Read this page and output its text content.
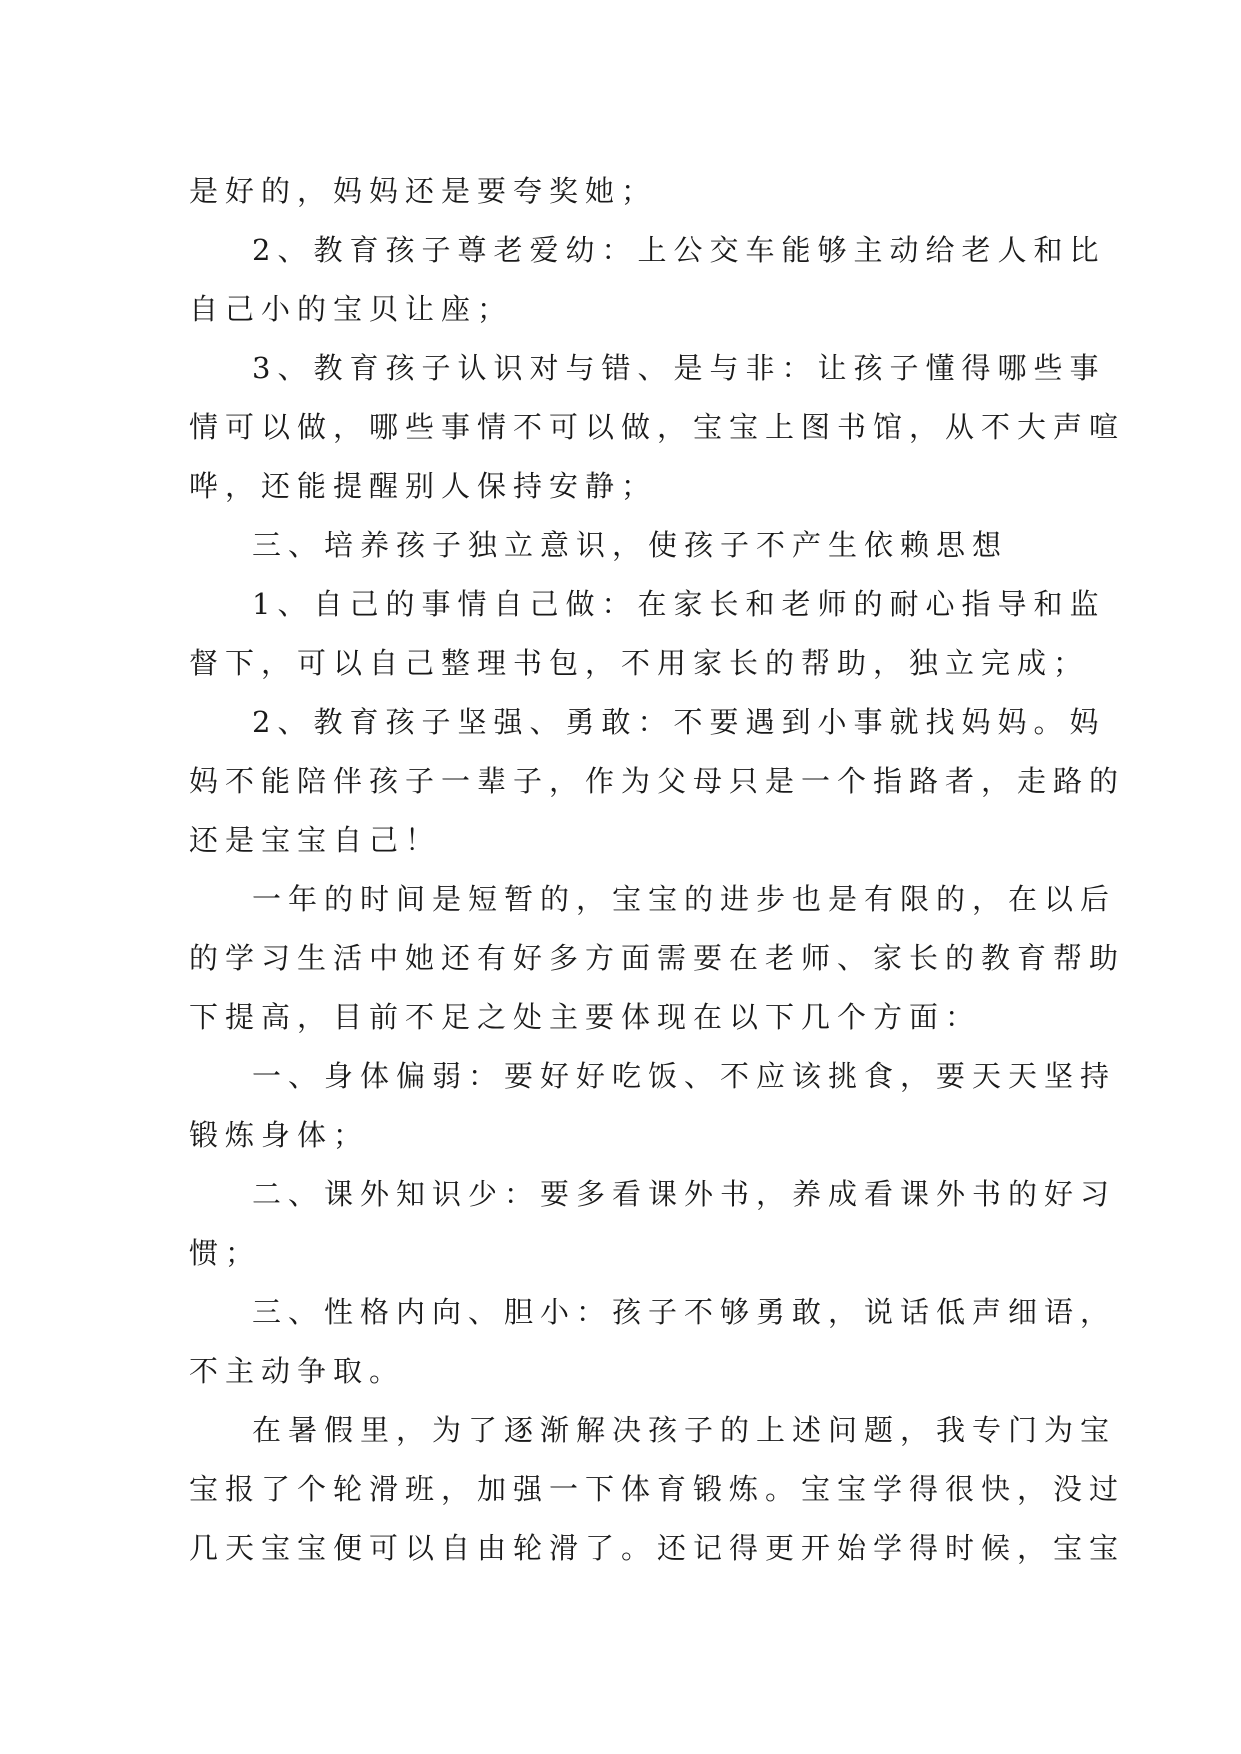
是好的，妈妈还是要夸奖她；
2、教育孩子尊老爱幼：上公交车能够主动给老人和比
自己小的宝贝让座；
3、教育孩子认识对与错、是与非：让孩子懂得哪些事
情可以做，哪些事情不可以做，宝宝上图书馆，从不大声喧
哗，还能提醒别人保持安静；
三、培养孩子独立意识，使孩子不产生依赖思想
1、自己的事情自己做：在家长和老师的耐心指导和监
督下，可以自己整理书包，不用家长的帮助，独立完成；
2、教育孩子坚强、勇敢：不要遇到小事就找妈妈。妈
妈不能陪伴孩子一辈子，作为父母只是一个指路者，走路的
还是宝宝自己！
一年的时间是短暂的，宝宝的进步也是有限的，在以后
的学习生活中她还有好多方面需要在老师、家长的教育帮助
下提高，目前不足之处主要体现在以下几个方面：
一、身体偏弱：要好好吃饭、不应该挑食，要天天坚持
锻炼身体；
二、课外知识少：要多看课外书，养成看课外书的好习
惯；
三、性格内向、胆小：孩子不够勇敢，说话低声细语，
不主动争取。
在暑假里，为了逐渐解决孩子的上述问题，我专门为宝
宝报了个轮滑班，加强一下体育锻炼。宝宝学得很快，没过
几天宝宝便可以自由轮滑了。还记得更开始学得时候，宝宝
